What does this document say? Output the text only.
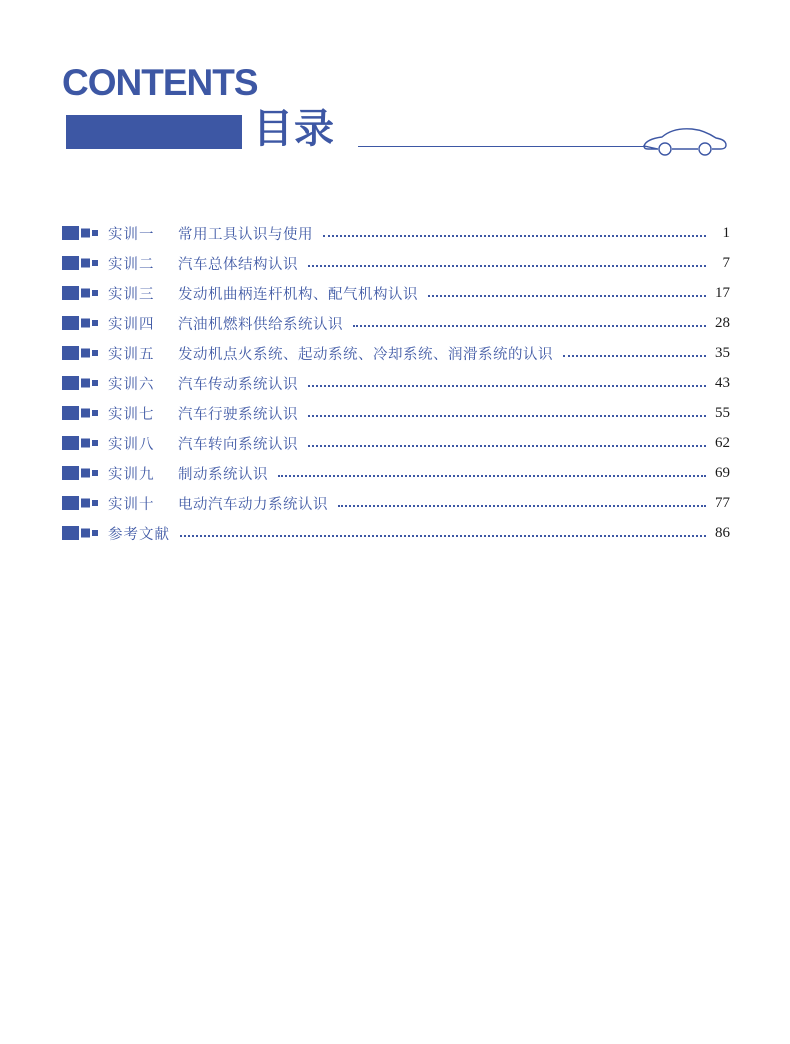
CONTENTS
目录
实训一	常用工具认识与使用	1
实训二	汽车总体结构认识	7
实训三	发动机曲柄连杆机构、配气机构认识	17
实训四	汽油机燃料供给系统认识	28
实训五	发动机点火系统、起动系统、冷却系统、润滑系统的认识	35
实训六	汽车传动系统认识	43
实训七	汽车行驶系统认识	55
实训八	汽车转向系统认识	62
实训九	制动系统认识	69
实训十	电动汽车动力系统认识	77
参考文献	86
